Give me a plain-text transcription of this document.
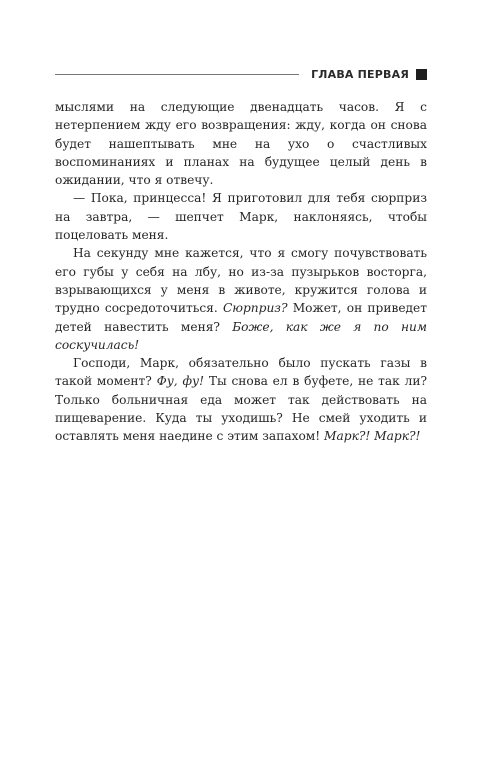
ГЛАВА ПЕРВАЯ

мыслями на следующие двенадцать часов. Я с нетерпением жду его возвращения: жду, когда он снова будет нашептывать мне на ухо о счастливых воспоминаниях и планах на будущее целый день в ожидании, что я отвечу.

— Пока, принцесса! Я приготовил для тебя сюрприз на завтра, — шепчет Марк, наклоняясь, чтобы поцеловать меня.

На секунду мне кажется, что я смогу почувствовать его губы у себя на лбу, но из-за пузырьков восторга, взрывающихся у меня в животе, кружится голова и трудно сосредоточиться. Сюрприз? Может, он приведет детей навестить меня? Боже, как же я по ним соскучилась!

Господи, Марк, обязательно было пускать газы в такой момент? Фу, фу! Ты снова ел в буфете, не так ли? Только больничная еда может так действовать на пищеварение. Куда ты уходишь? Не смей уходить и оставлять меня наедине с этим запахом! Марк?! Марк?!
